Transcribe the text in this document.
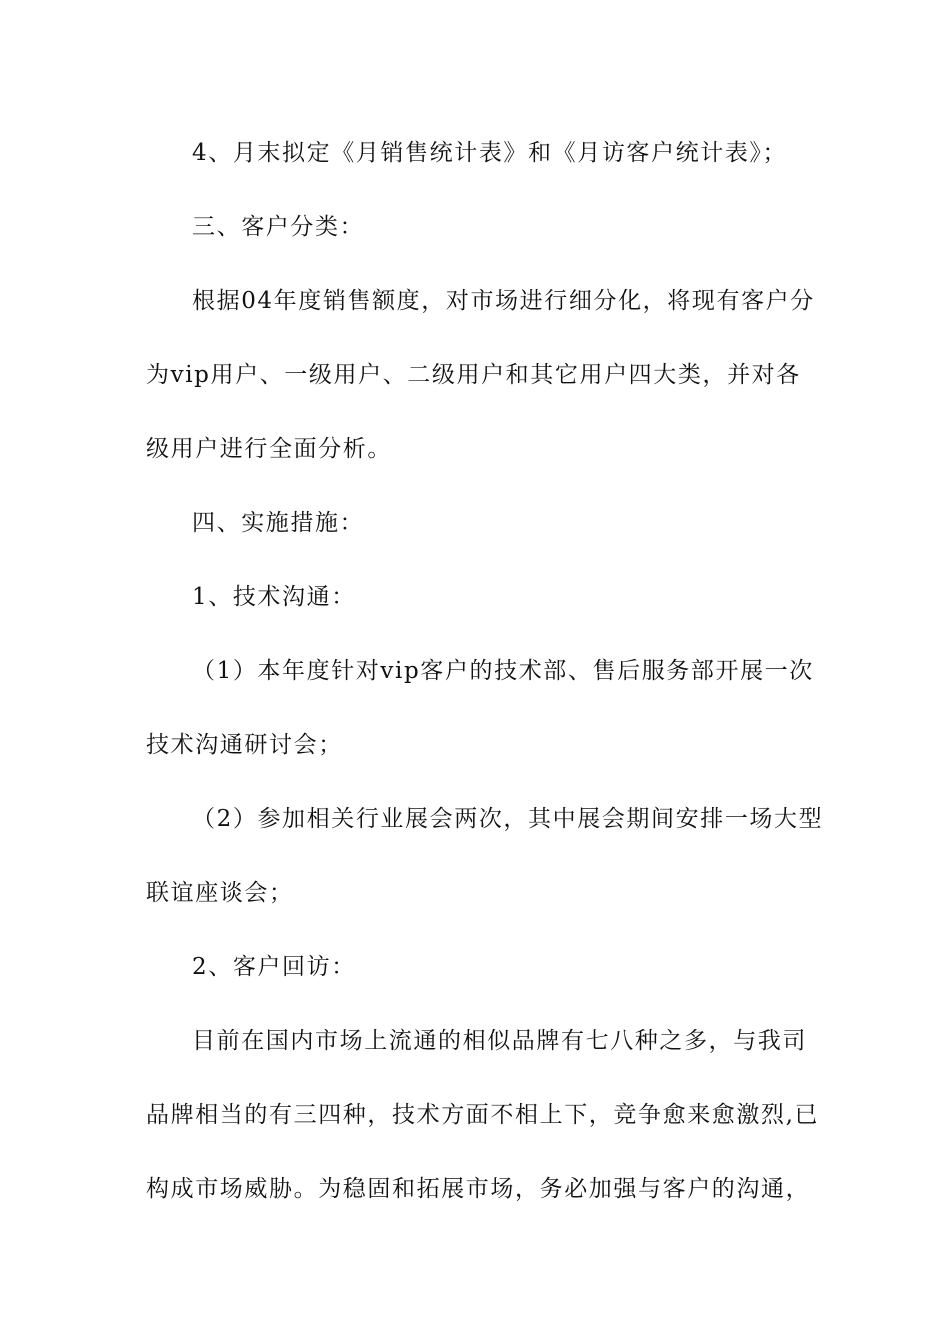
4、月末拟定《月销售统计表》和《月访客户统计表》；
三、客户分类：
根据04年度销售额度，对市场进行细分化，将现有客户分
为vip用户、一级用户、二级用户和其它用户四大类，并对各
级用户进行全面分析。
四、实施措施：
1、技术沟通：
（1）本年度针对vip客户的技术部、售后服务部开展一次
技术沟通研讨会；
（2）参加相关行业展会两次，其中展会期间安排一场大型
联谊座谈会；
2、客户回访：
目前在国内市场上流通的相似品牌有七八种之多，与我司
品牌相当的有三四种，技术方面不相上下，竞争愈来愈激烈,已
构成市场威胁。为稳固和拓展市场，务必加强与客户的沟通，
